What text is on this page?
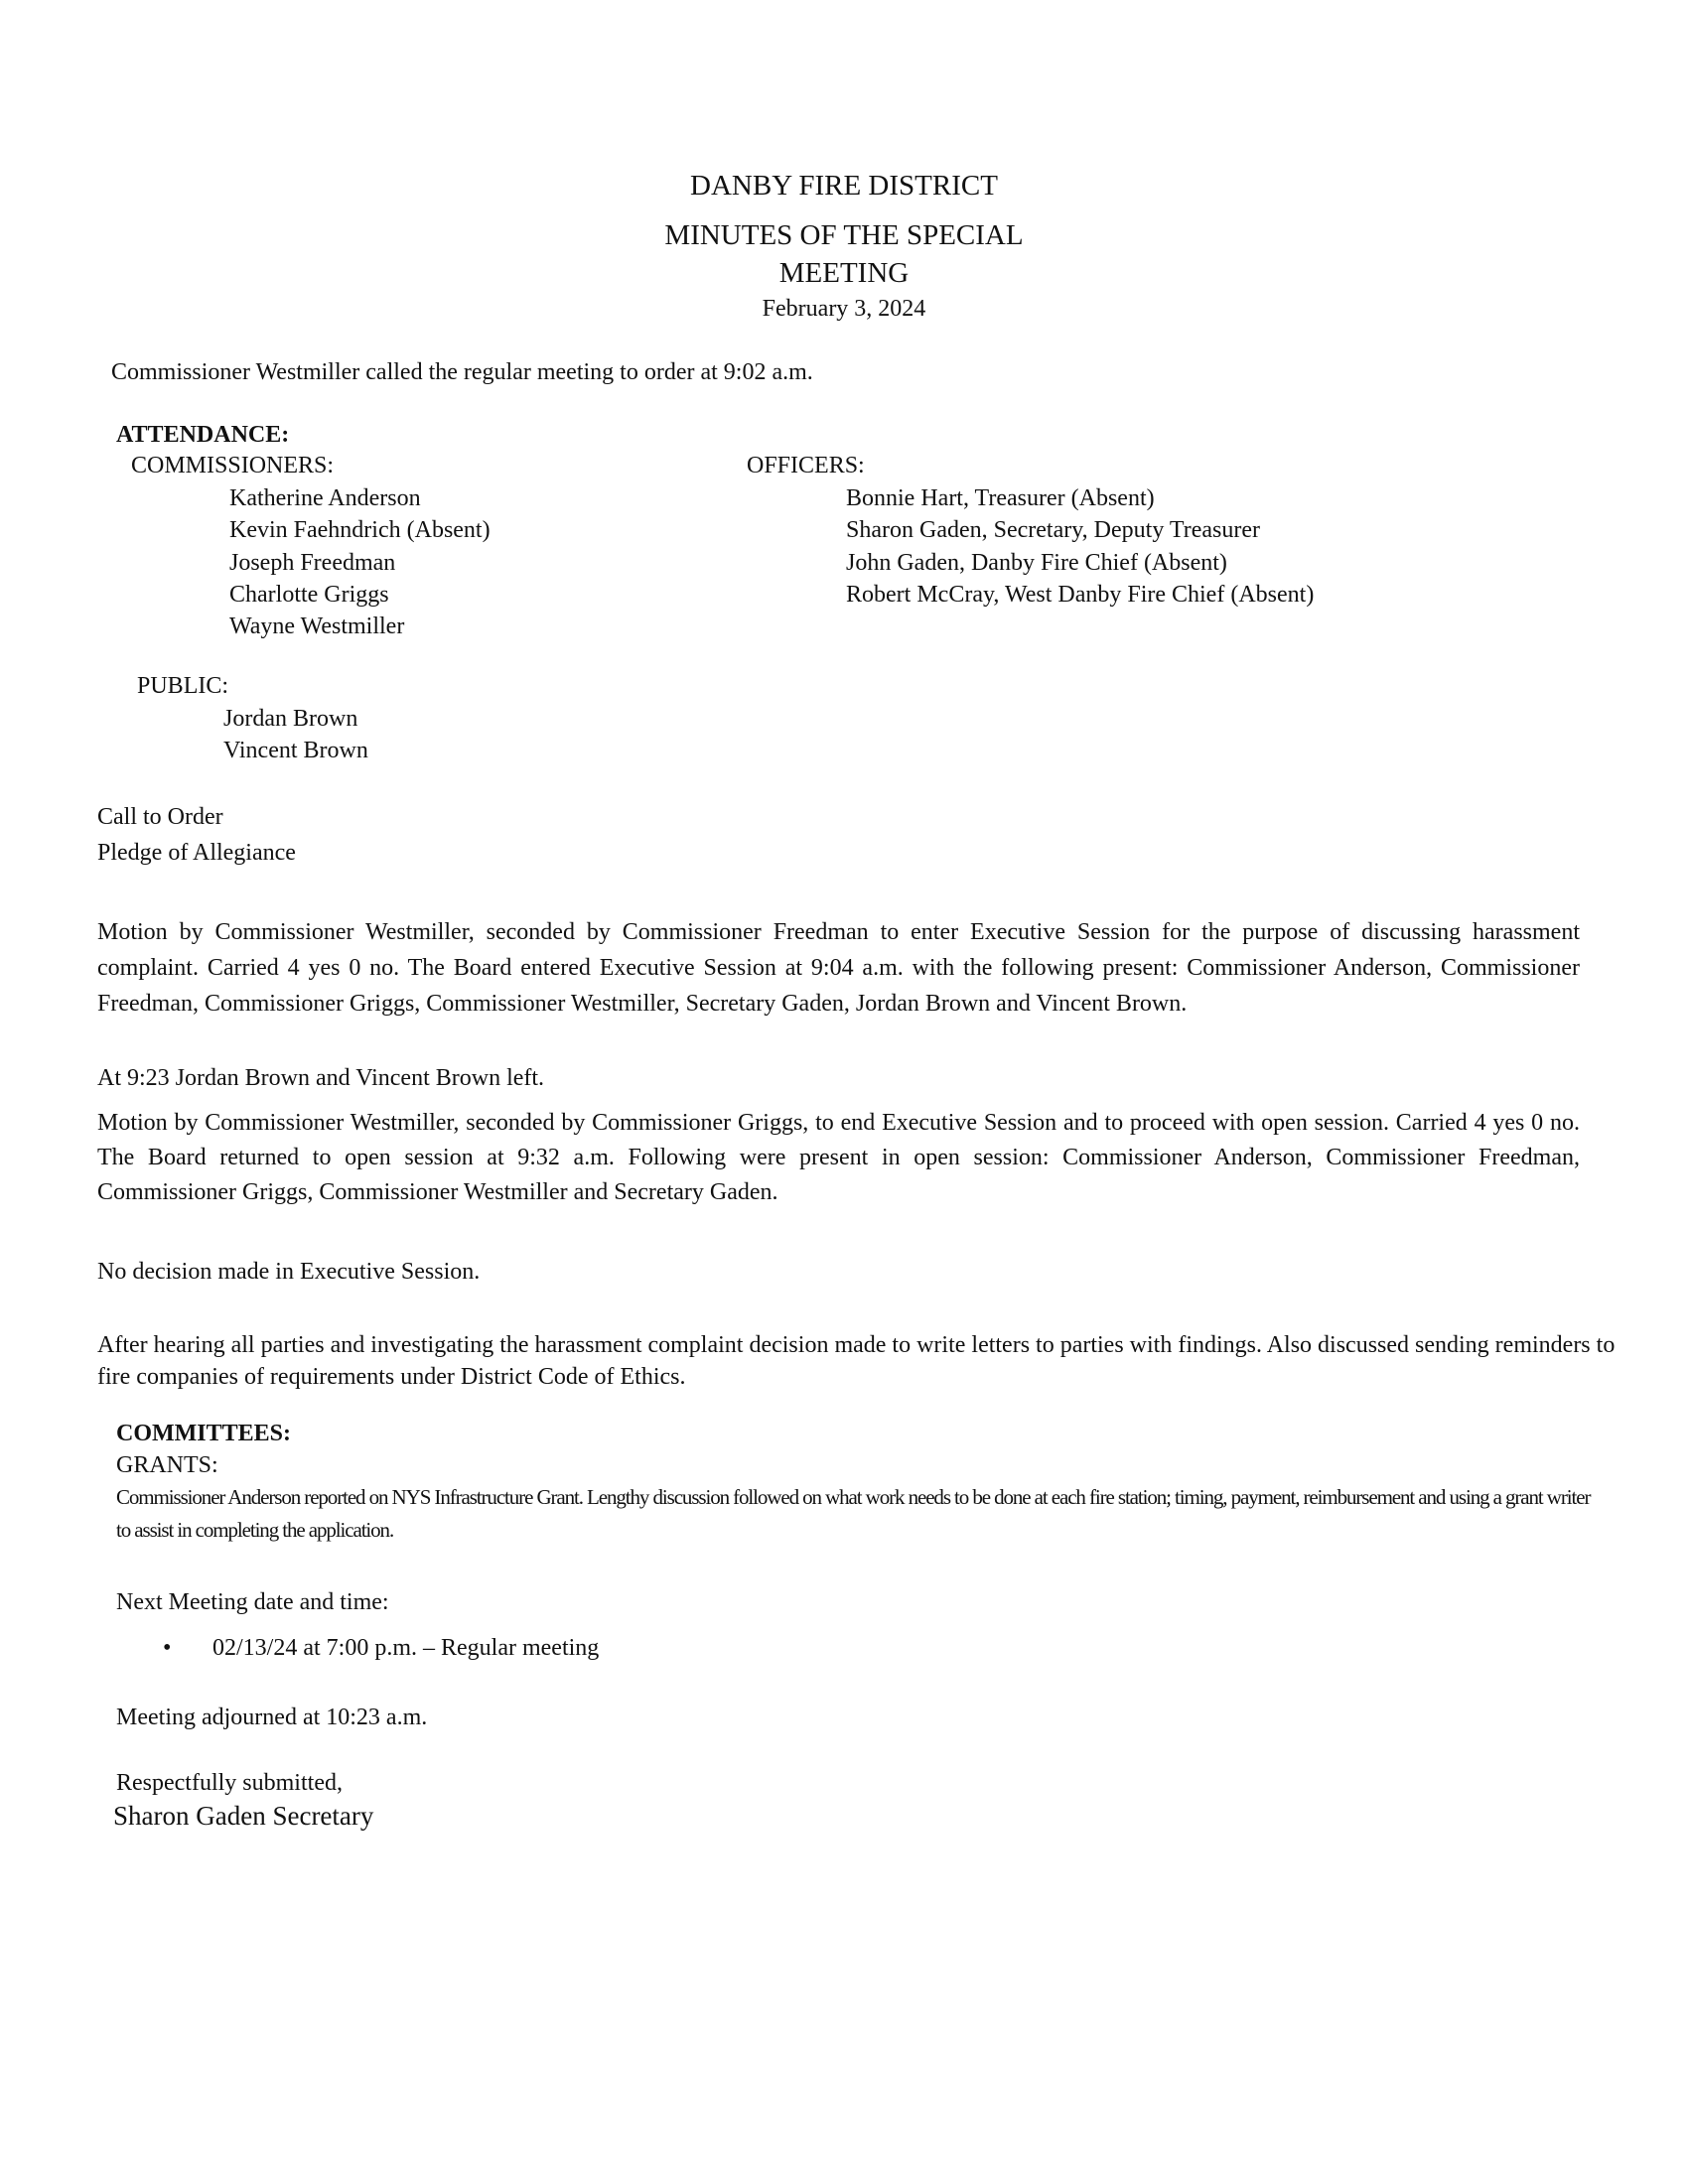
DANBY FIRE DISTRICT
MINUTES OF THE SPECIAL
MEETING
February 3, 2024
Commissioner Westmiller called the regular meeting to order at 9:02 a.m.
ATTENDANCE:
COMMISSIONERS:
Katherine Anderson
Kevin Faehndrich (Absent)
Joseph Freedman
Charlotte Griggs
Wayne Westmiller
OFFICERS:
Bonnie Hart, Treasurer (Absent)
Sharon Gaden, Secretary, Deputy Treasurer
John Gaden, Danby Fire Chief (Absent)
Robert McCray, West Danby Fire Chief (Absent)
PUBLIC:
Jordan Brown
Vincent Brown
Call to Order
Pledge of Allegiance
Motion by Commissioner Westmiller, seconded by Commissioner Freedman to enter Executive Session for the purpose of discussing harassment complaint. Carried 4 yes 0 no. The Board entered Executive Session at 9:04 a.m. with the following present: Commissioner Anderson, Commissioner Freedman, Commissioner Griggs, Commissioner Westmiller, Secretary Gaden, Jordan Brown and Vincent Brown.
At 9:23 Jordan Brown and Vincent Brown left.
Motion by Commissioner Westmiller, seconded by Commissioner Griggs, to end Executive Session and to proceed with open session. Carried 4 yes 0 no. The Board returned to open session at 9:32 a.m. Following were present in open session: Commissioner Anderson, Commissioner Freedman, Commissioner Griggs, Commissioner Westmiller and Secretary Gaden.
No decision made in Executive Session.
After hearing all parties and investigating the harassment complaint decision made to write letters to parties with findings. Also discussed sending reminders to fire companies of requirements under District Code of Ethics.
COMMITTEES:
GRANTS:
Commissioner Anderson reported on NYS Infrastructure Grant. Lengthy discussion followed on what work needs to be done at each fire station; timing, payment, reimbursement and using a grant writer to assist in completing the application.
Next Meeting date and time:
• 02/13/24 at 7:00 p.m. – Regular meeting
Meeting adjourned at 10:23 a.m.
Respectfully submitted,
Sharon Gaden Secretary
